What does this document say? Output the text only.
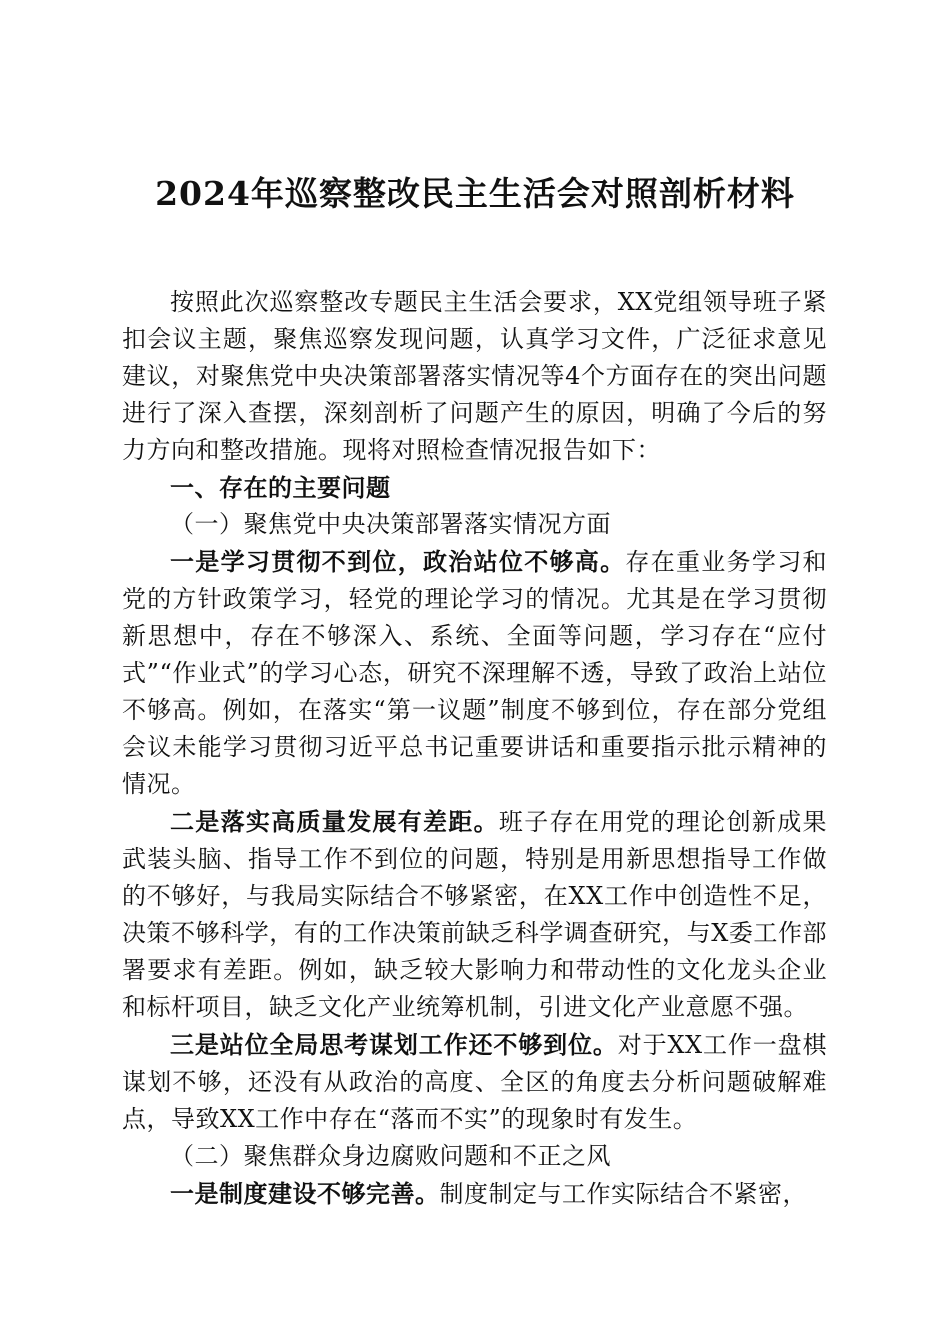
2024年巡察整改民主生活会对照剖析材料

按照此次巡察整改专题民主生活会要求，XX党组领导班子紧扣会议主题，聚焦巡察发现问题，认真学习文件，广泛征求意见建议，对聚焦党中央决策部署落实情况等4个方面存在的突出问题进行了深入查摆，深刻剖析了问题产生的原因，明确了今后的努力方向和整改措施。现将对照检查情况报告如下：

一、存在的主要问题

（一）聚焦党中央决策部署落实情况方面

一是学习贯彻不到位，政治站位不够高。存在重业务学习和党的方针政策学习，轻党的理论学习的情况。尤其是在学习贯彻新思想中，存在不够深入、系统、全面等问题，学习存在“应付式”“作业式”的学习心态，研究不深理解不透，导致了政治上站位不够高。例如，在落实“第一议题”制度不够到位，存在部分党组会议未能学习贯彻习近平总书记重要讲话和重要指示批示精神的情况。

二是落实高质量发展有差距。班子存在用党的理论创新成果武装头脑、指导工作不到位的问题，特别是用新思想指导工作做的不够好，与我局实际结合不够紧密，在XX工作中创造性不足，决策不够科学，有的工作决策前缺乏科学调查研究，与X委工作部署要求有差距。例如，缺乏较大影响力和带动性的文化龙头企业和标杆项目，缺乏文化产业统筹机制，引进文化产业意愿不强。

三是站位全局思考谋划工作还不够到位。对于XX工作一盘棋谋划不够，还没有从政治的高度、全区的角度去分析问题破解难点，导致XX工作中存在“落而不实”的现象时有发生。

（二）聚焦群众身边腐败问题和不正之风

一是制度建设不够完善。制度制定与工作实际结合不紧密，
